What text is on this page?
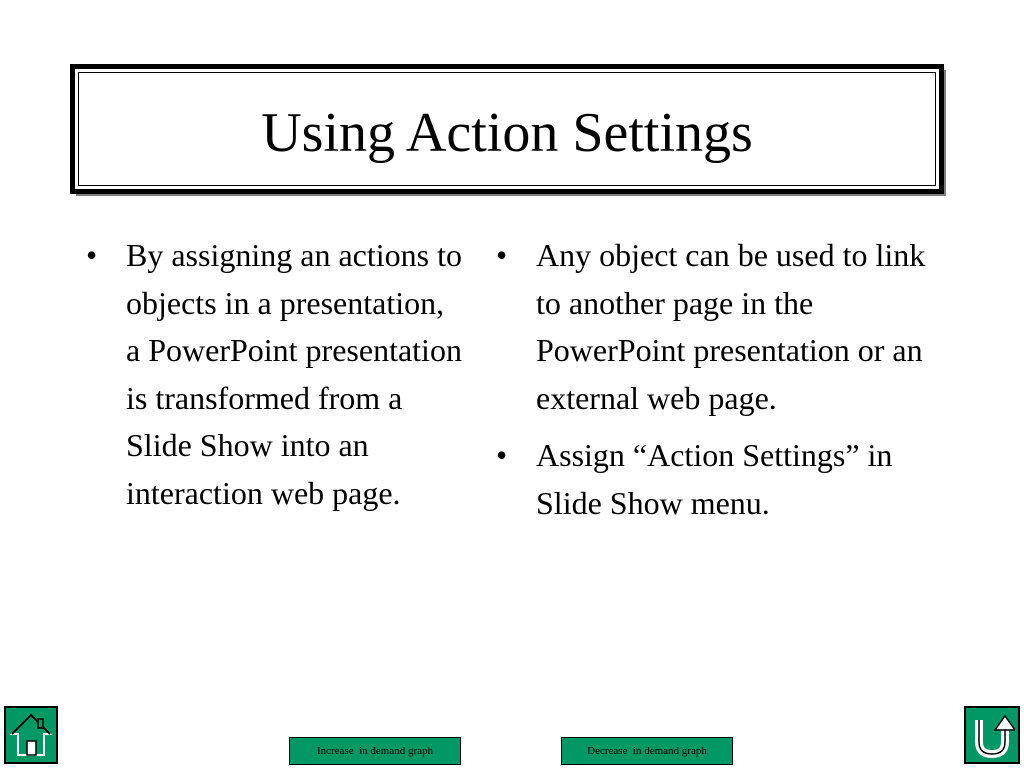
Using Action Settings
• By assigning an actions to objects in a presentation, a PowerPoint presentation is transformed from a Slide Show into an interaction web page.
• Any object can be used to link to another page in the PowerPoint presentation or an external web page.
• Assign “Action Settings” in Slide Show menu.
Increase  in demand graph	Decrease  in demand graph
